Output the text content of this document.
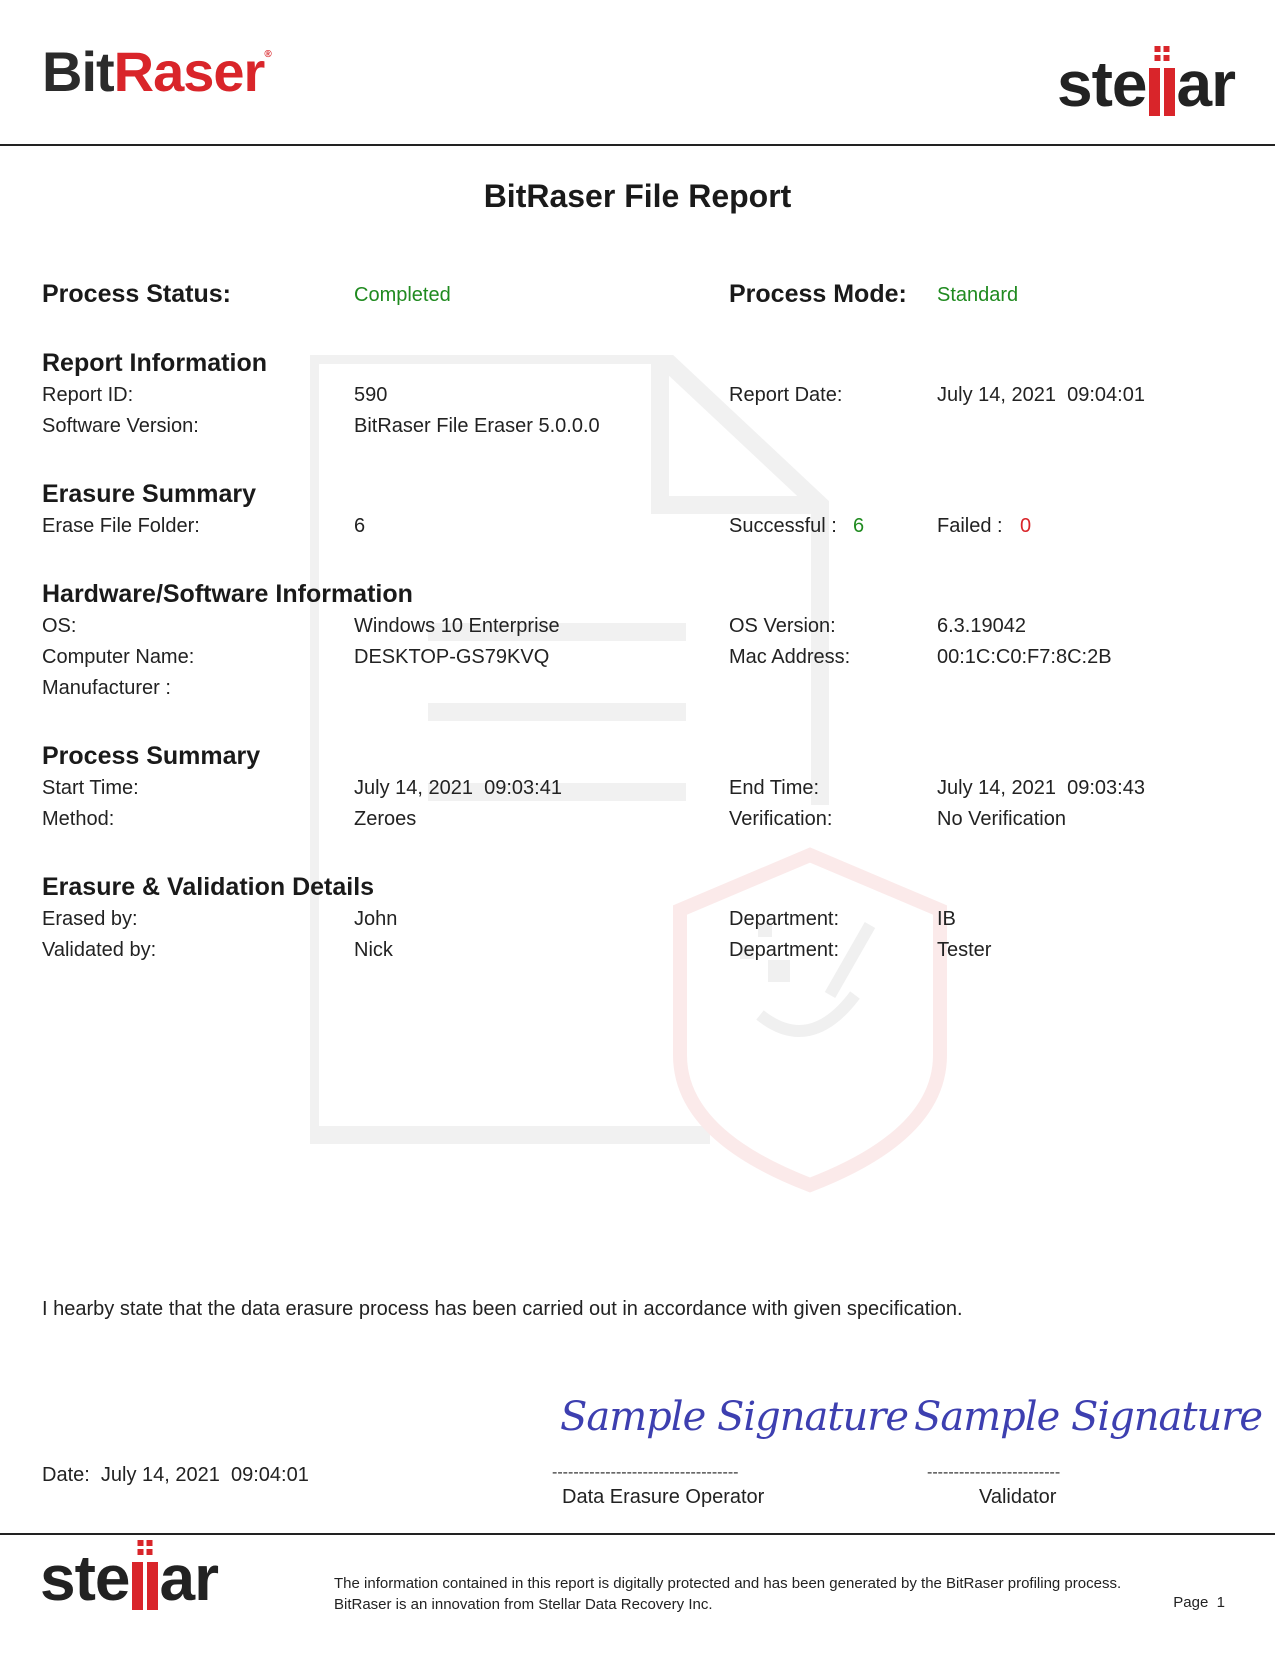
BitRaser®	ste ar
BitRaser File Report
Process Status:	Completed	Process Mode: Standard
Report Information
Report ID:	590	Report Date:	July 14, 2021  09:04:01
Software Version:	BitRaser File Eraser 5.0.0.0
Erasure Summary
Erase File Folder:	6	Successful : 6	Failed : 0
Hardware/Software Information
OS:	Windows 10 Enterprise	OS Version:	6.3.19042
Computer Name:	DESKTOP-GS79KVQ	Mac Address:	00:1C:C0:F7:8C:2B
Manufacturer :
Process Summary
Start Time:	July 14, 2021  09:03:41	End Time:	July 14, 2021  09:03:43
Method:	Zeroes	Verification:	No Verification
Erasure & Validation Details
Erased by:	John	Department:	IB
Validated by:	Nick	Department:	Tester
I hearby state that the data erasure process has been carried out in accordance with given specification.
Sample Signature Sample Signature
Date:  July 14, 2021  09:04:01	-----------------------------------	-------------------------
Data Erasure Operator	Validator
ste ar	The information contained in this report is digitally protected and has been generated by the BitRaser profiling process.
BitRaser is an innovation from Stellar Data Recovery Inc.	Page  1
